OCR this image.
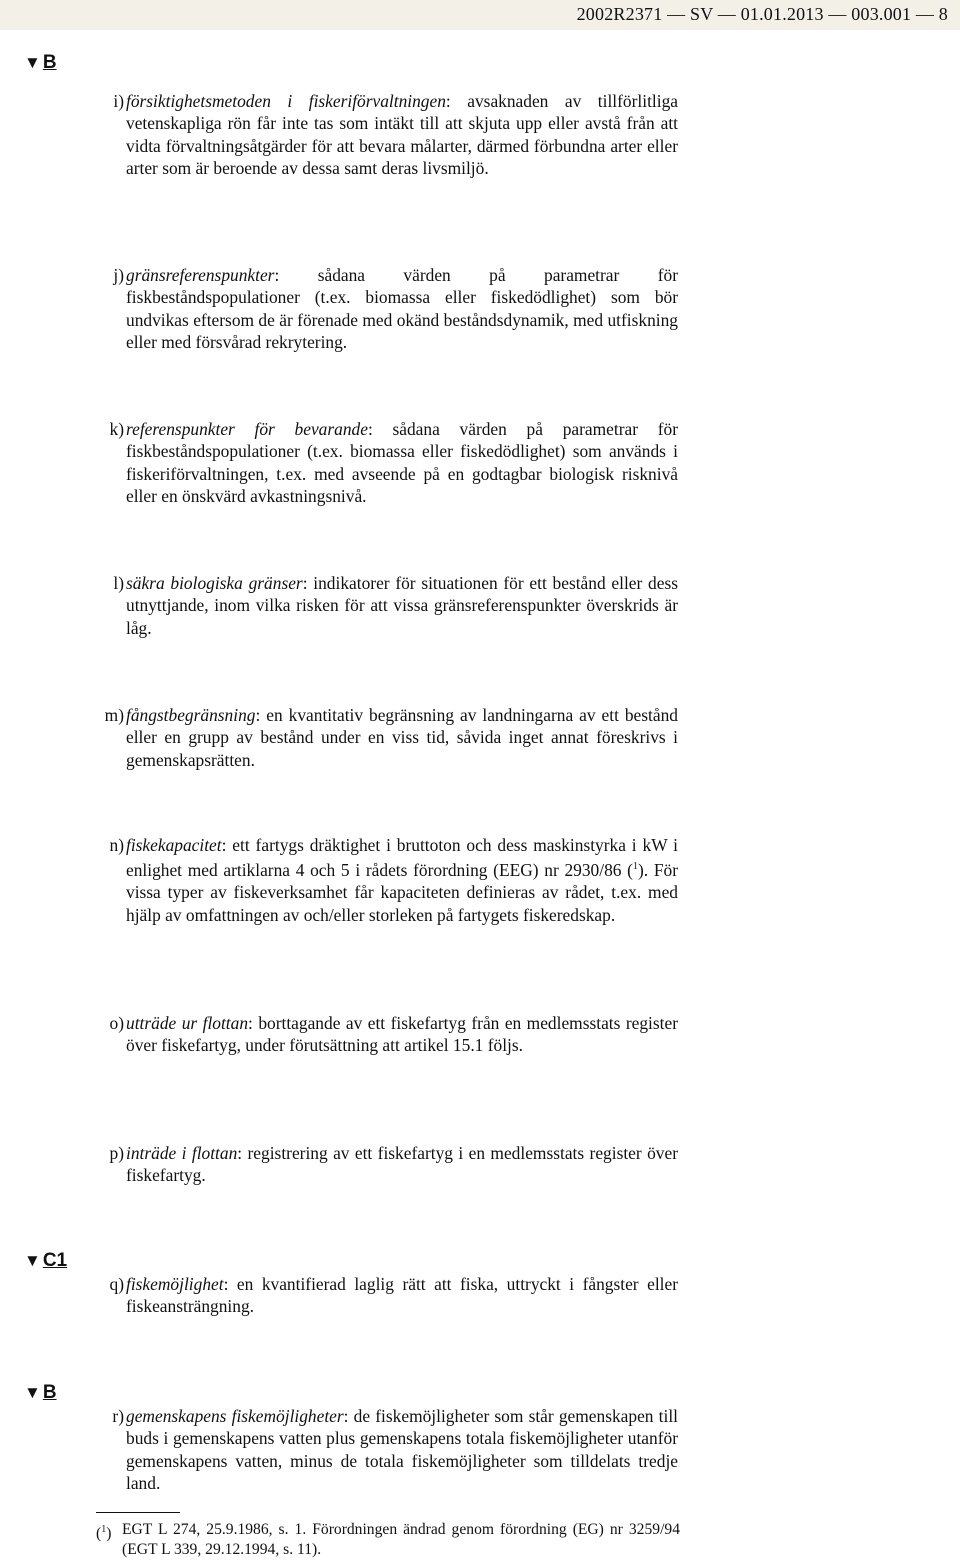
2002R2371 — SV — 01.01.2013 — 003.001 — 8
▼ B
▼ C1
▼ B
i) försiktighetsmetoden i fiskeriförvaltningen: avsaknaden av tillförlitliga vetenskapliga rön får inte tas som intäkt till att skjuta upp eller avstå från att vidta förvaltningsåtgärder för att bevara målarter, därmed förbundna arter eller arter som är beroende av dessa samt deras livsmiljö.
j) gränsreferenspunkter: sådana värden på parametrar för fiskbeståndspopulationer (t.ex. biomassa eller fiskedödlighet) som bör undvikas eftersom de är förenade med okänd beståndsdynamik, med utfiskning eller med försvårad rekrytering.
k) referenspunkter för bevarande: sådana värden på parametrar för fiskbeståndspopulationer (t.ex. biomassa eller fiskedödlighet) som används i fiskeriförvaltningen, t.ex. med avseende på en godtagbar biologisk risknivå eller en önskvärd avkastningsnivå.
l) säkra biologiska gränser: indikatorer för situationen för ett bestånd eller dess utnyttjande, inom vilka risken för att vissa gränsreferenspunkter överskrids är låg.
m) fångstbegränsning: en kvantitativ begränsning av landningarna av ett bestånd eller en grupp av bestånd under en viss tid, såvida inget annat föreskrivs i gemenskapsrätten.
n) fiskekapacitet: ett fartygs dräktighet i bruttoton och dess maskinstyrka i kW i enlighet med artiklarna 4 och 5 i rådets förordning (EEG) nr 2930/86 ($^1$). För vissa typer av fiskeverksamhet får kapaciteten definieras av rådet, t.ex. med hjälp av omfattningen av och/eller storleken på fartygets fiskeredskap.
o) utträde ur flottan: borttagande av ett fiskefartyg från en medlemsstats register över fiskefartyg, under förutsättning att artikel 15.1 följs.
p) inträde i flottan: registrering av ett fiskefartyg i en medlemsstats register över fiskefartyg.
q) fiskemöjlighet: en kvantifierad laglig rätt att fiska, uttryckt i fångster eller fiskeansträngning.
r) gemenskapens fiskemöjligheter: de fiskemöjligheter som står gemenskapen till buds i gemenskapens vatten plus gemenskapens totala fiskemöjligheter utanför gemenskapens vatten, minus de totala fiskemöjligheter som tilldelats tredje land.
($^1$) EGT L 274, 25.9.1986, s. 1. Förordningen ändrad genom förordning (EG) nr 3259/94 (EGT L 339, 29.12.1994, s. 11).
